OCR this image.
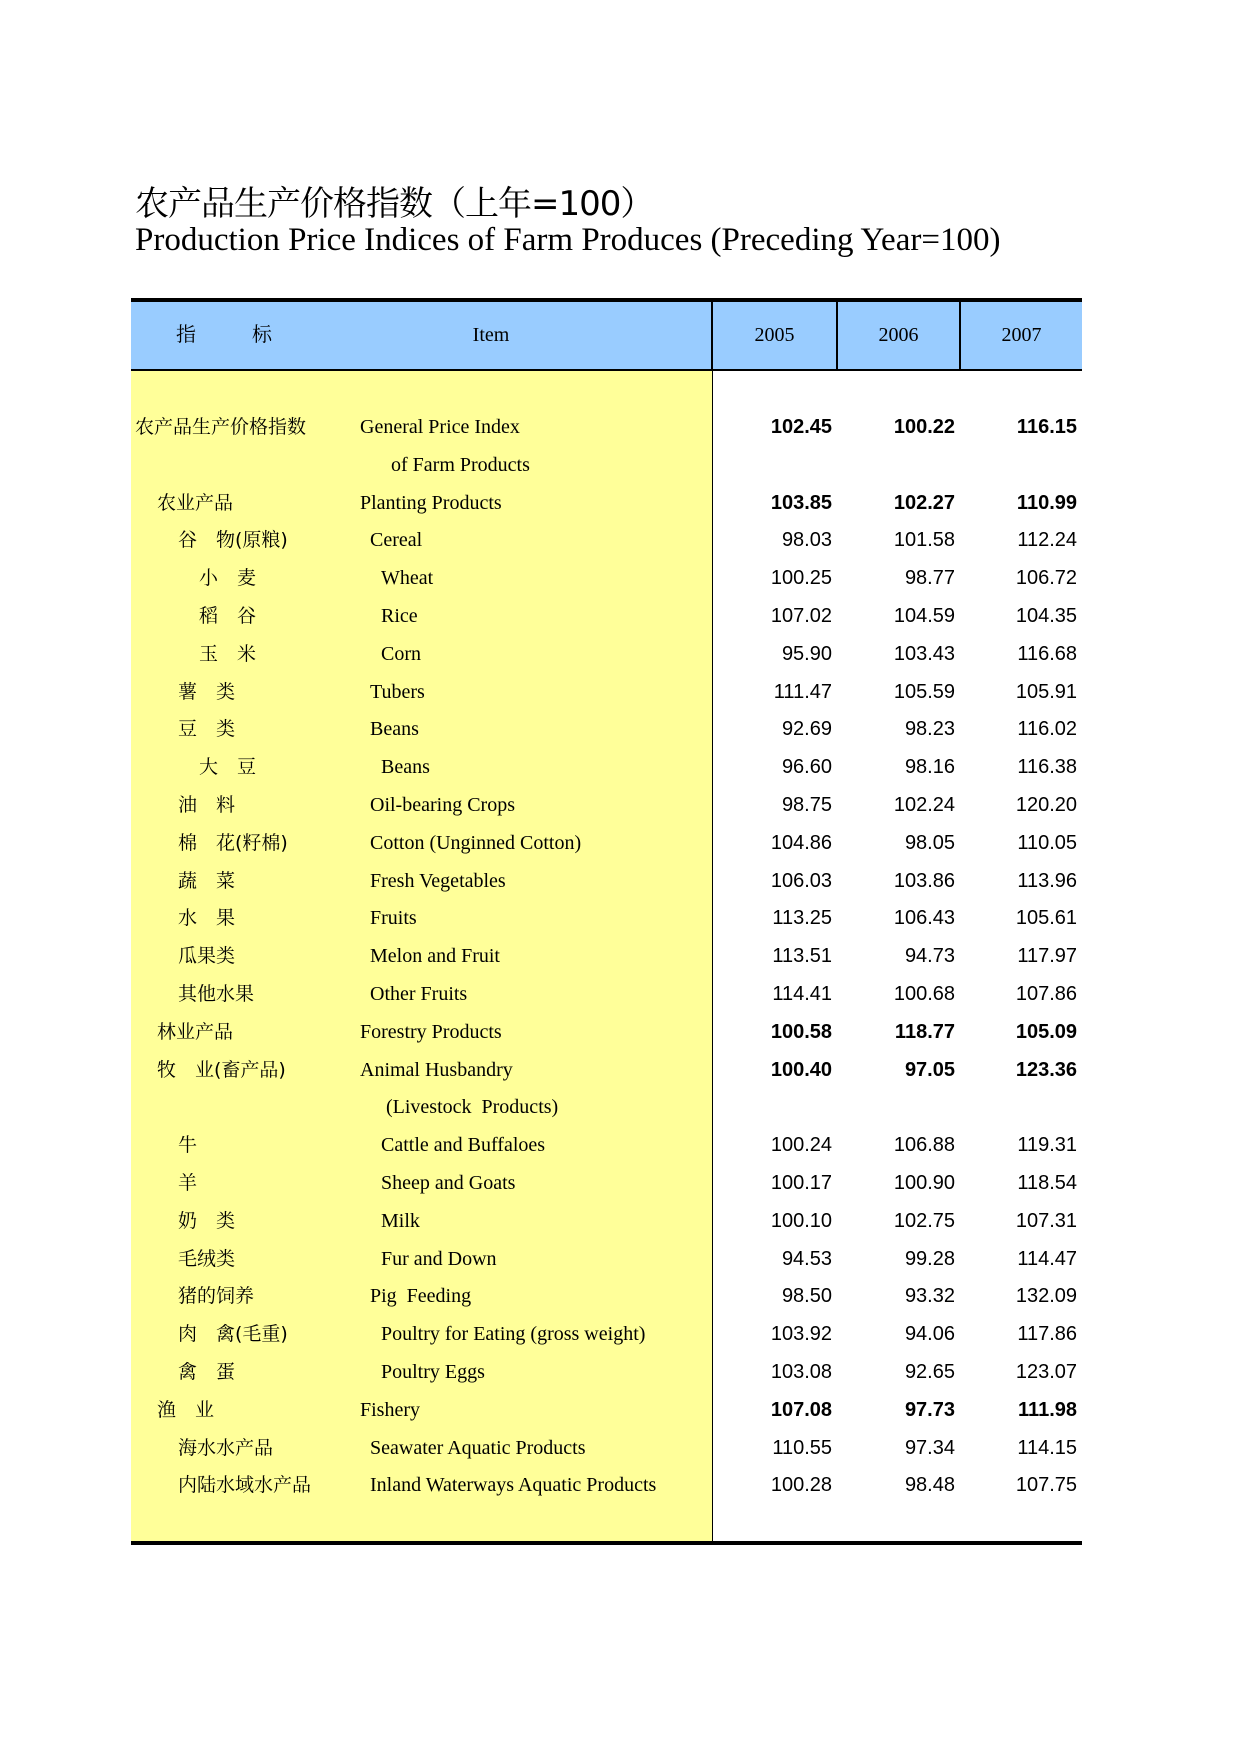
农产品生产价格指数（上年=100）
Production Price Indices of Farm Produces (Preceding Year=100)
指	标	Item	2005	2006	2007
农产品生产价格指数	General Price Index	102.45	100.22	116.15
of Farm Products
农业产品	Planting Products	103.85	102.27	110.99
谷　物(原粮)	Cereal	98.03	101.58	112.24
小　麦	Wheat	100.25	98.77	106.72
稻　谷	Rice	107.02	104.59	104.35
玉　米	Corn	95.90	103.43	116.68
薯　类	Tubers	111.47	105.59	105.91
豆　类	Beans	92.69	98.23	116.02
大　豆	Beans	96.60	98.16	116.38
油　料	Oil-bearing Crops	98.75	102.24	120.20
棉　花(籽棉)	Cotton (Unginned Cotton)	104.86	98.05	110.05
蔬　菜	Fresh Vegetables	106.03	103.86	113.96
水　果	Fruits	113.25	106.43	105.61
瓜果类	Melon and Fruit	113.51	94.73	117.97
其他水果	Other Fruits	114.41	100.68	107.86
林业产品	Forestry Products	100.58	118.77	105.09
牧　业(畜产品)	Animal Husbandry	100.40	97.05	123.36
(Livestock  Products)
牛	Cattle and Buffaloes	100.24	106.88	119.31
羊	Sheep and Goats	100.17	100.90	118.54
奶　类	Milk	100.10	102.75	107.31
毛绒类	Fur and Down	94.53	99.28	114.47
猪的饲养	Pig  Feeding	98.50	93.32	132.09
肉　禽(毛重)	Poultry for Eating (gross weight)	103.92	94.06	117.86
禽　蛋	Poultry Eggs	103.08	92.65	123.07
渔　业	Fishery	107.08	97.73	111.98
海水水产品	Seawater Aquatic Products	110.55	97.34	114.15
内陆水域水产品	Inland Waterways Aquatic Products	100.28	98.48	107.75
